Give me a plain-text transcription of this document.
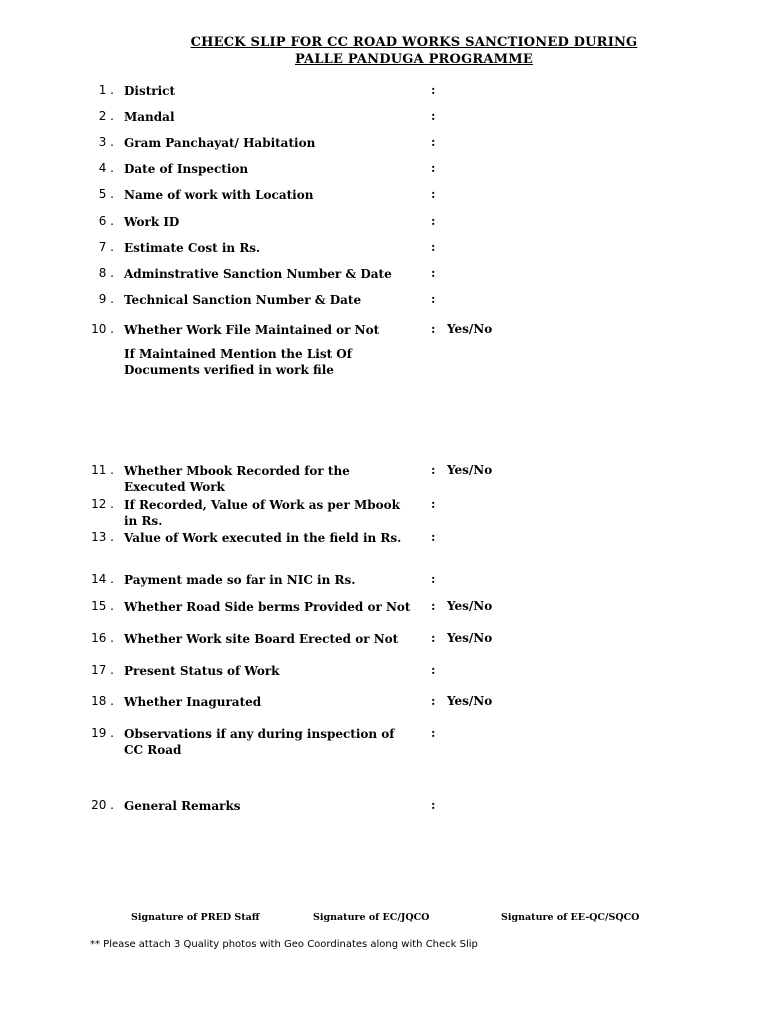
CHECK SLIP FOR CC ROAD WORKS SANCTIONED DURING
PALLE PANDUGA PROGRAMME
1 . District	:
2 . Mandal	:
3 . Gram Panchayat/ Habitation	:
4 . Date of Inspection	:
5 . Name of work with Location	:
6 . Work ID	:
7 . Estimate Cost in Rs.	:
8 . Adminstrative Sanction Number & Date	:
9 . Technical Sanction Number & Date	:
10 . Whether Work File Maintained or Not	: Yes/No
11 . Whether Mbook Recorded for the Executed Work
: Yes/No
12 . If Recorded, Value of Work as per Mbook in Rs.
:
13 . Value of Work executed in the field in Rs.	:
14 . Payment made so far in NIC in Rs.	:
15 . Whether Road Side berms Provided or Not : Yes/No
16 . Whether Work site Board Erected or Not	: Yes/No
17 . Present Status of Work	:
18 . Whether Inagurated	: Yes/No
19 . Observations if any during inspection of CC Road
:
20 . General Remarks	:
If Maintained Mention the List Of Documents verified in work file
Signature of PRED Staff	Signature of EC/JQCO	Signature of EE-QC/SQCO
** Please attach 3 Quality photos with Geo Coordinates along with Check Slip
